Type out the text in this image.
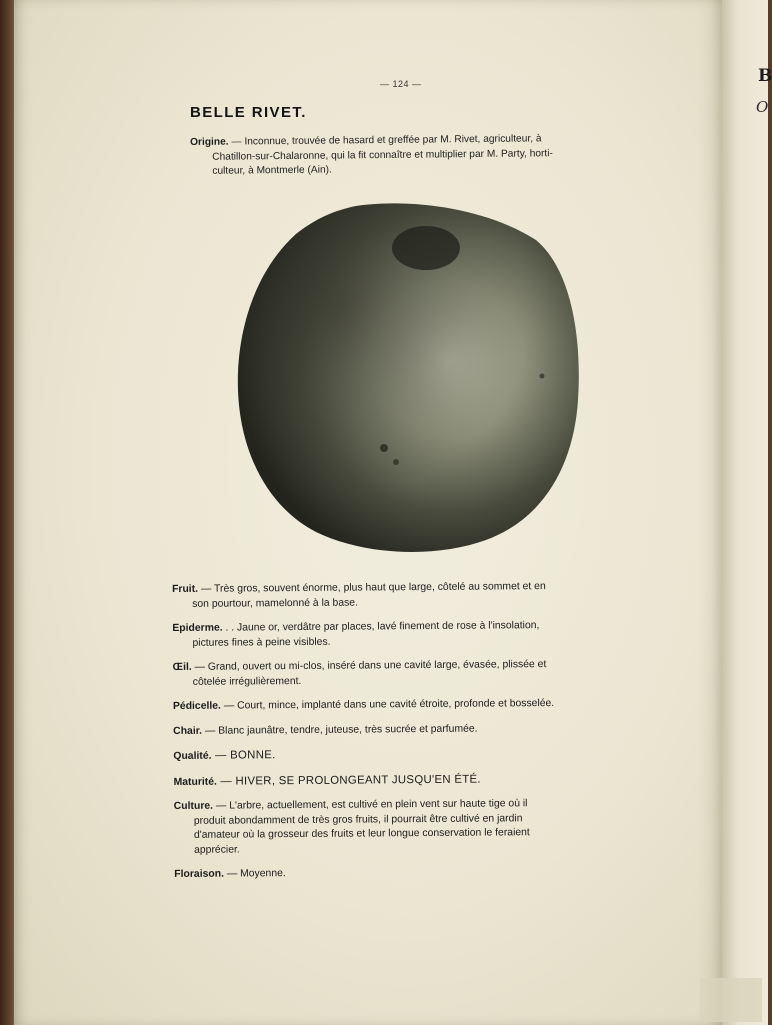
— 124 —
BELLE RIVET.
Origine. — Inconnue, trouvée de hasard et greffée par M. Rivet, agriculteur, à
Chatillon-sur-Chalaronne, qui la fit connaître et multiplier par M. Party, horti-
culteur, à Montmerle (Ain).
Fruit. — Très gros, souvent énorme, plus haut que large, côtelé au sommet et en
son pourtour, mamelonné à la base.
Epiderme. . . Jaune or, verdâtre par places, lavé finement de rose à l'insolation,
pictures fines à peine visibles.
Œil. — Grand, ouvert ou mi-clos, inséré dans une cavité large, évasée, plissée et
côtelée irrégulièrement.
Pédicelle. — Court, mince, implanté dans une cavité étroite, profonde et bosselée.
Chair. — Blanc jaunâtre, tendre, juteuse, très sucrée et parfumée.
Qualité. — BONNE.
Maturité. — HIVER, SE PROLONGEANT JUSQU'EN ÉTÉ.
Culture. — L'arbre, actuellement, est cultivé en plein vent sur haute tige où il
produit abondamment de très gros fruits, il pourrait être cultivé en jardin
d'amateur où la grosseur des fruits et leur longue conservation le feraient
apprécier.
Floraison. — Moyenne.
B
O
